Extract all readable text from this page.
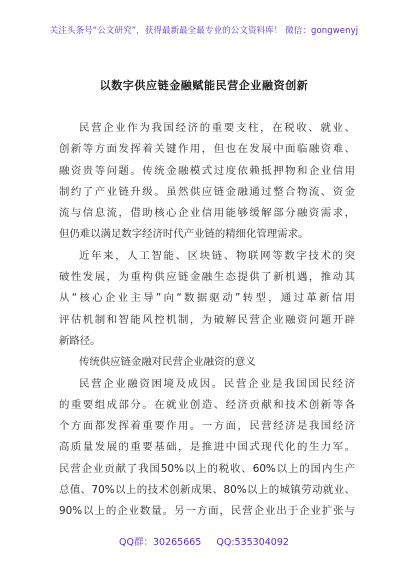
关注头条号“公文研究”，获得最新最全最专业的公文资料库！ 微信：gongwenyj
以数字供应链金融赋能民营企业融资创新
民营企业作为我国经济的重要支柱，在税收、就业、
创新等方面发挥着关键作用，但也在发展中面临融资难、
融资贵等问题。传统金融模式过度依赖抵押物和企业信用
制约了产业链升级。虽然供应链金融通过整合物流、资金
流与信息流，借助核心企业信用能够缓解部分融资需求，
但仍难以满足数字经济时代产业链的精细化管理需求。
近年来，人工智能、区块链、物联网等数字技术的突
破性发展，为重构供应链金融生态提供了新机遇，推动其
从“核心企业主导”向“数据驱动”转型，通过革新信用
评估机制和智能风控机制，为破解民营企业融资问题开辟
新路径。
传统供应链金融对民营企业融资的意义
民营企业融资困境及成因。民营企业是我国国民经济
的重要组成部分。在就业创造、经济贡献和技术创新等各
个方面都发挥着重要作用。一方面，民营经济是我国经济
高质量发展的重要基础，是推进中国式现代化的生力军。
民营企业贡献了我国50%以上的税收、60%以上的国内生产
总值、70%以上的技术创新成果、80%以上的城镇劳动就业、
90%以上的企业数量。另一方面，民营企业出于企业扩张与
QQ群：30265665 QQ:535304092
